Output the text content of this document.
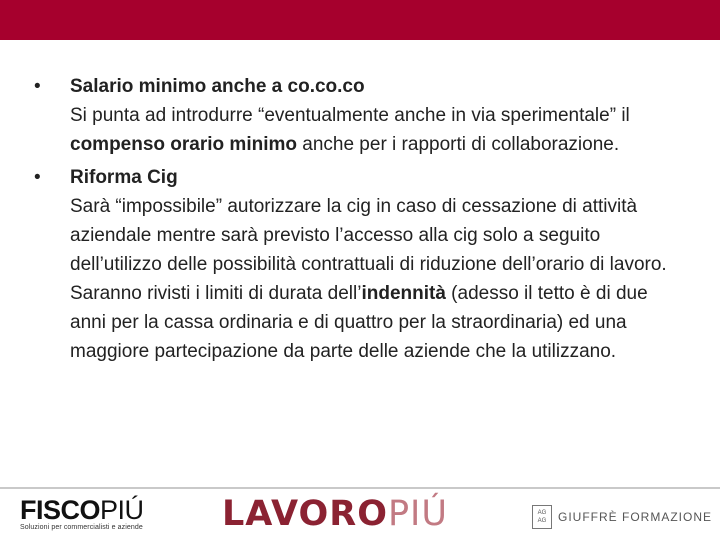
•	Salario minimo anche a co.co.co
Si punta ad introdurre “eventualmente anche in via sperimentale” il compenso orario minimo anche per i rapporti di collaborazione.
•	Riforma Cig
Sarà “impossibile” autorizzare la cig in caso di cessazione di attività aziendale mentre sarà previsto l’accesso alla cig solo a seguito dell’utilizzo delle possibilità contrattuali di riduzione dell’orario di lavoro. Saranno rivisti i limiti di durata dell’indennità (adesso il tetto è di due anni per la cassa ordinaria e di quattro per la straordinaria) ed una maggiore partecipazione da parte delle aziende che la utilizzano.
FISCOPIÚ
Soluzioni per commercialisti e aziende LAVOROPIÚ	AG
AG GIUFFRÈ FORMAZIONE
